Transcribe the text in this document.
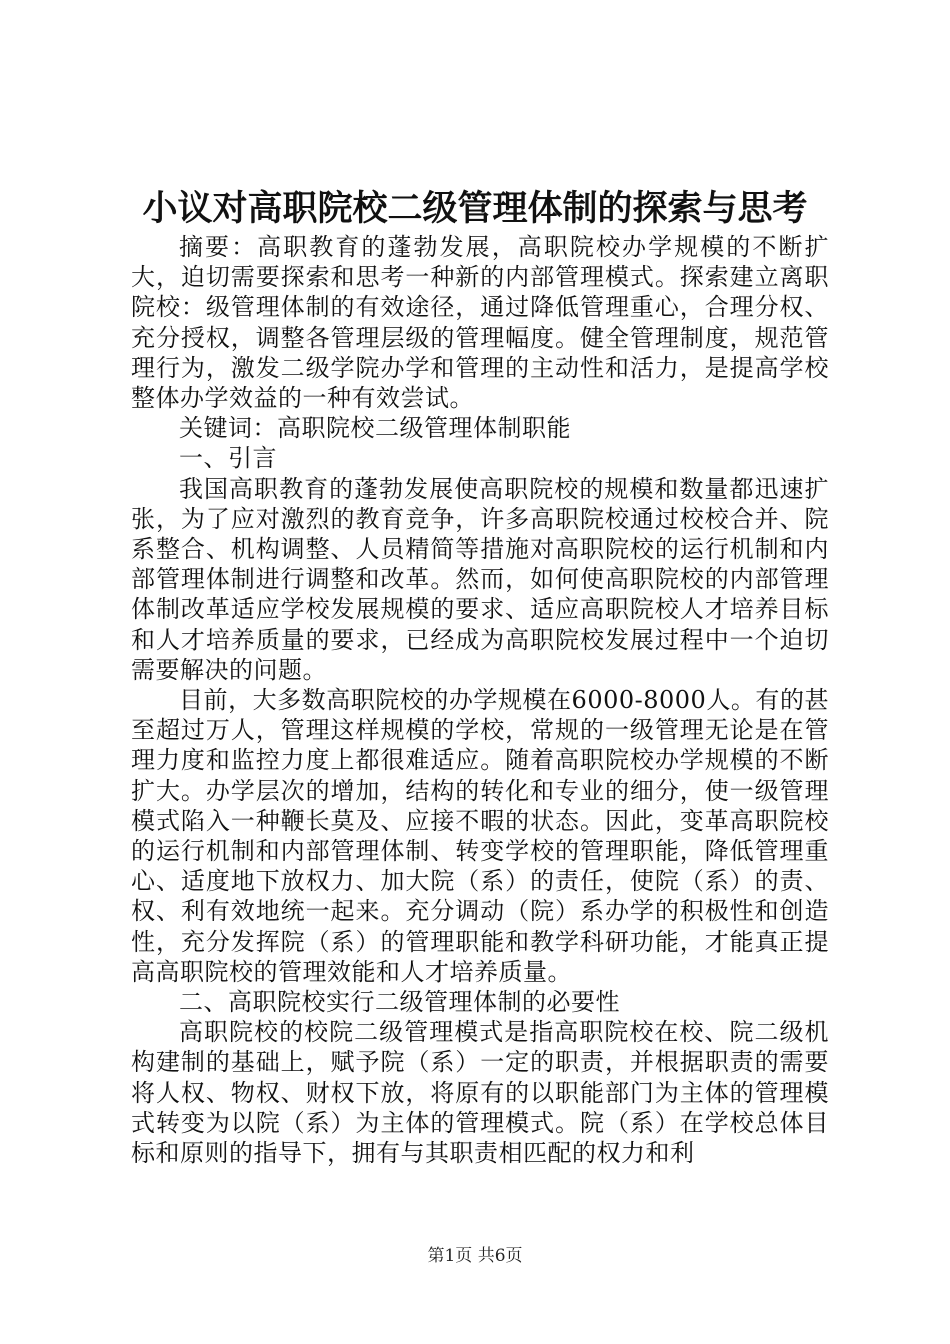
小议对高职院校二级管理体制的探索与思考

摘要：高职教育的蓬勃发展，高职院校办学规模的不断扩大，迫切需要探索和思考一种新的内部管理模式。探索建立离职院校：级管理体制的有效途径，通过降低管理重心，合理分权、充分授权，调整各管理层级的管理幅度。健全管理制度，规范管理行为，激发二级学院办学和管理的主动性和活力，是提高学校整体办学效益的一种有效尝试。

关键词：高职院校二级管理体制职能

一、引言

我国高职教育的蓬勃发展使高职院校的规模和数量都迅速扩张，为了应对激烈的教育竞争，许多高职院校通过校校合并、院系整合、机构调整、人员精简等措施对高职院校的运行机制和内部管理体制进行调整和改革。然而，如何使高职院校的内部管理体制改革适应学校发展规模的要求、适应高职院校人才培养目标和人才培养质量的要求，已经成为高职院校发展过程中一个迫切需要解决的问题。

目前，大多数高职院校的办学规模在6000-8000人。有的甚至超过万人，管理这样规模的学校，常规的一级管理无论是在管理力度和监控力度上都很难适应。随着高职院校办学规模的不断扩大。办学层次的增加，结构的转化和专业的细分，使一级管理模式陷入一种鞭长莫及、应接不暇的状态。因此，变革高职院校的运行机制和内部管理体制、转变学校的管理职能，降低管理重心、适度地下放权力、加大院（系）的责任，使院（系）的责、权、利有效地统一起来。充分调动（院）系办学的积极性和创造性，充分发挥院（系）的管理职能和教学科研功能，才能真正提高高职院校的管理效能和人才培养质量。

二、高职院校实行二级管理体制的必要性

高职院校的校院二级管理模式是指高职院校在校、院二级机构建制的基础上，赋予院（系）一定的职责，并根据职责的需要将人权、物权、财权下放，将原有的以职能部门为主体的管理模式转变为以院（系）为主体的管理模式。院（系）在学校总体目标和原则的指导下，拥有与其职责相匹配的权力和利

第1页 共6页
